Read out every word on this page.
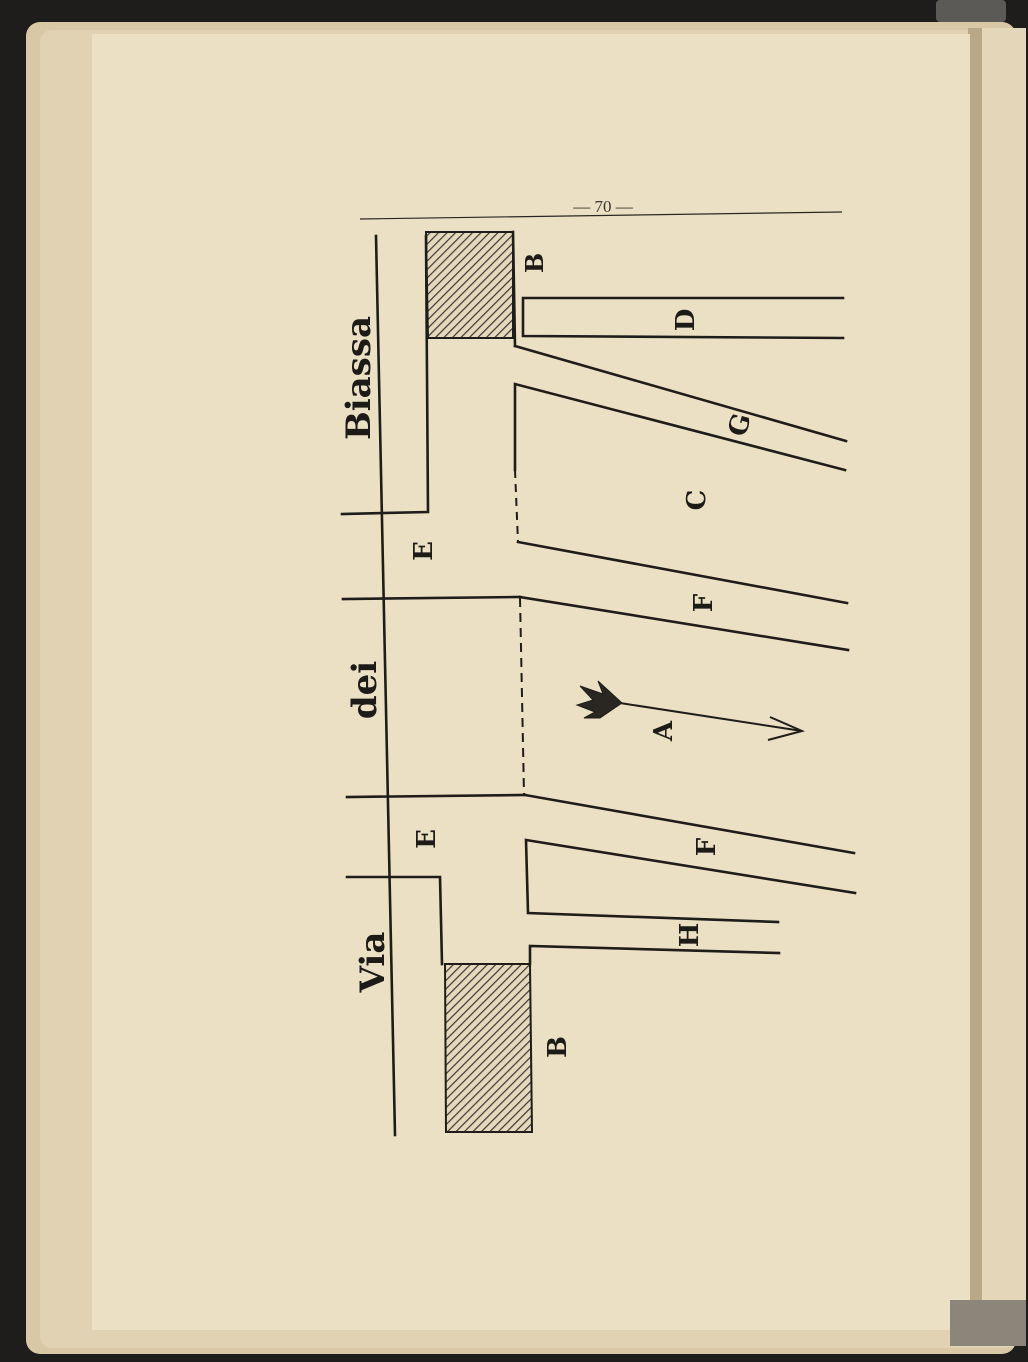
— 70 —
Via
dei
Biassa
B
D
G
C
E
F
A
E	F
H
B
